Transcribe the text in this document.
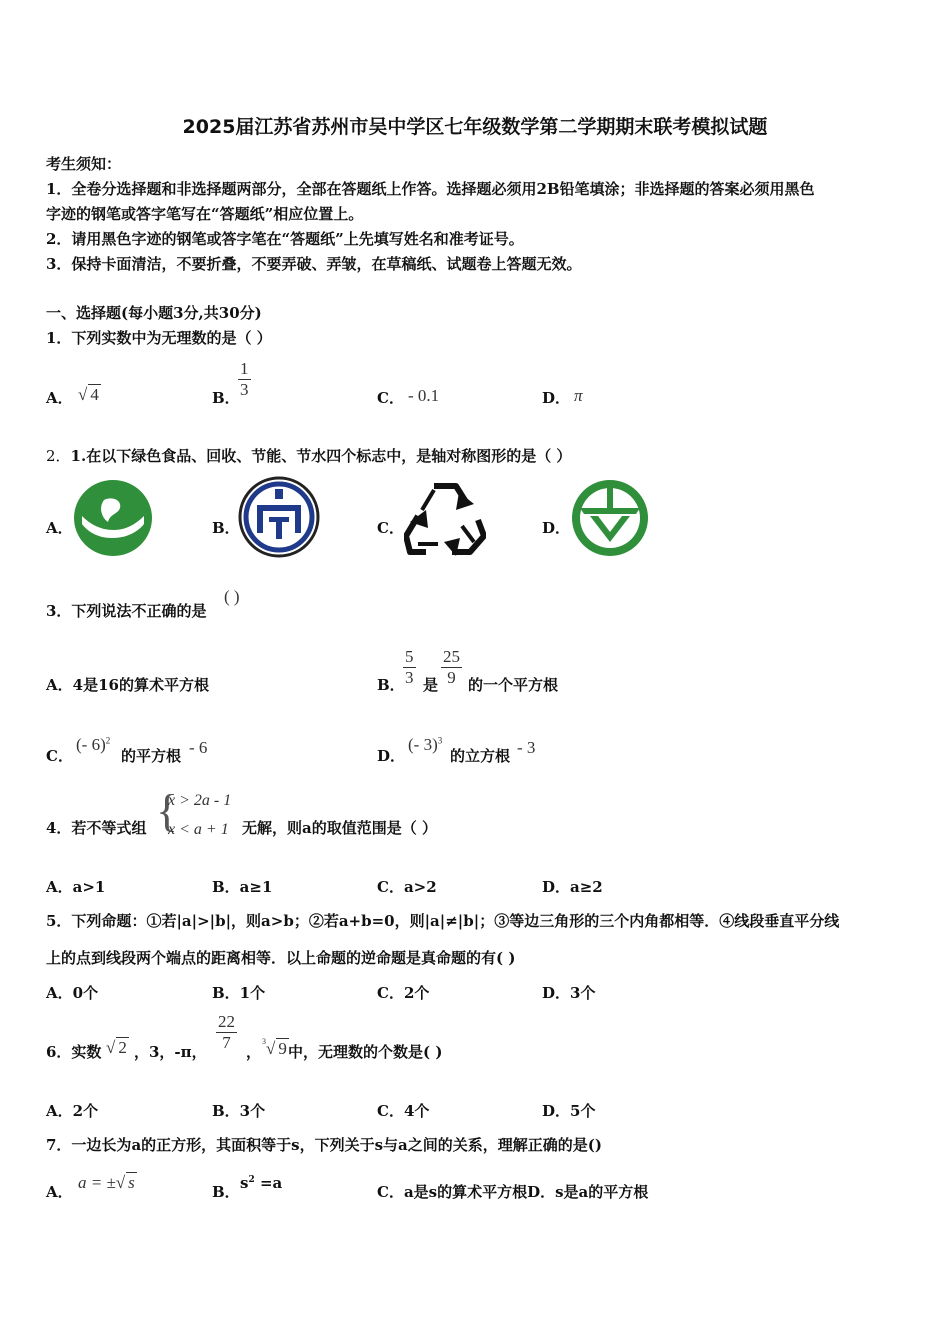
2025届江苏省苏州市吴中学区七年级数学第二学期期末联考模拟试题
考生须知：
1．全卷分选择题和非选择题两部分，全部在答题纸上作答。选择题必须用2B铅笔填涂；非选择题的答案必须用黑色
字迹的钢笔或答字笔写在“答题纸”相应位置上。
2．请用黑色字迹的钢笔或答字笔在“答题纸”上先填写姓名和准考证号。
3．保持卡面清洁，不要折叠，不要弄破、弄皱，在草稿纸、试题卷上答题无效。
一、选择题(每小题3分,共30分)
1．下列实数中为无理数的是（ ）
A． √ 4	B．
$\frac{1}{3}$	C． - 0.1	D． π
2．1.在以下绿色食品、回收、节能、节水四个标志中，是轴对称图形的是（ ）
A．	B．	C．	D．
3．下列说法不正确的是
( )
A．4是16的算术平方根	B．
$\frac{5}{3}$ 是 $\frac{25}{9}$ 的一个平方根
C．
(- 6)$^2$
的平方根 - 6	D．
(- 3)$^3$
的立方根 - 3
4．若不等式组 {
x > 2a - 1
x < a + 1 无解，则a的取值范围是（ ）
A．a>1	B．a≥1	C．a>2	D．a≥2
5．下列命题：①若|a|>|b|，则a>b；②若a+b=0，则|a|≠|b|；③等边三角形的三个内角都相等．④线段垂直平分线
上的点到线段两个端点的距离相等．以上命题的逆命题是真命题的有( )
A．0个	B．1个	C．2个	D．3个
6．实数 √ 2 ，3，-π，
$\frac{22}{7}$
，
$^3$√ 9 中，无理数的个数是( )
A．2个	B．3个	C．4个	D．5个
7．一边长为a的正方形，其面积等于s，下列关于s与a之间的关系，理解正确的是()
A． a = ±√ s	B． $s^2 =a$	C．a是s的算术平方根D．s是a的平方根
